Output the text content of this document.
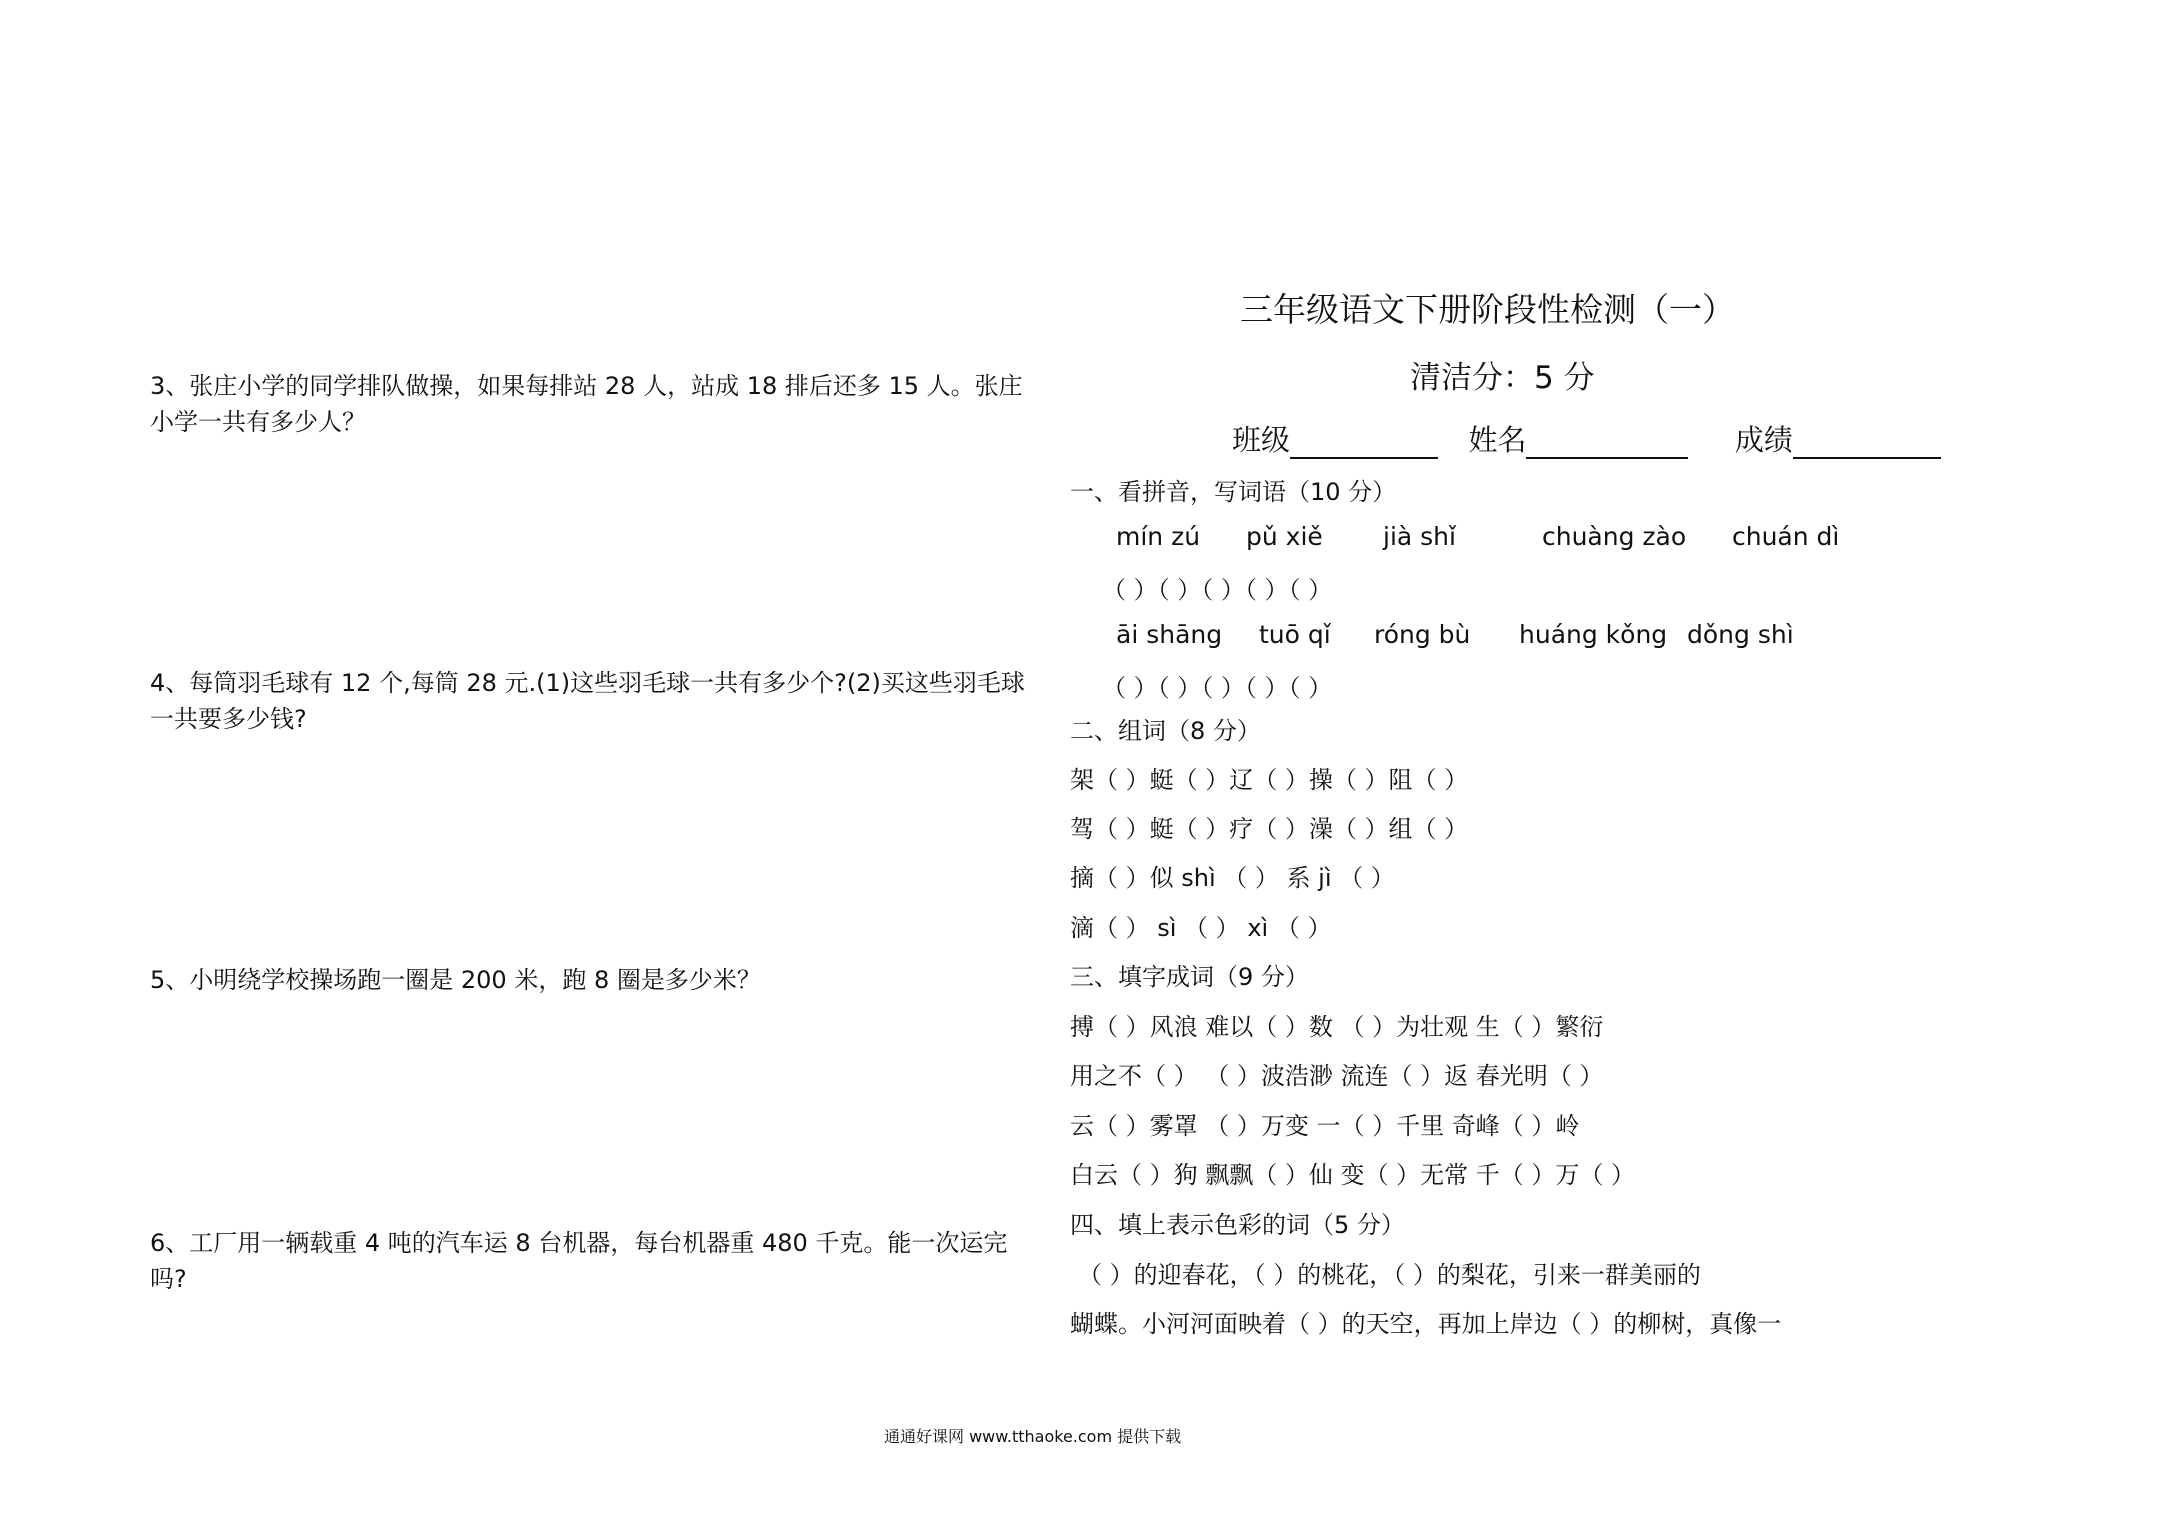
3、张庄小学的同学排队做操，如果每排站 28 人，站成 18 排后还多 15 人。张庄小学一共有多少人？
4、每筒羽毛球有 12 个,每筒 28 元.(1)这些羽毛球一共有多少个?(2)买这些羽毛球一共要多少钱?
5、小明绕学校操场跑一圈是 200 米，跑 8 圈是多少米？
6、工厂用一辆载重 4 吨的汽车运 8 台机器，每台机器重 480 千克。能一次运完吗?
三年级语文下册阶段性检测（一）
清洁分：5 分
班级	姓名	成绩
一、看拼音，写词语（10 分）
mín zú pǔ xiě jià shǐ	chuàng zào chuán dì
（ ）（ ）（ ）（ ）（ ）
āi shāng tuō qǐ róng bù huáng kǒng dǒng shì
（ ）（ ）（ ）（ ）（ ）
二、组词（8 分）
架（ ）蜓（ ）辽（ ）操（ ）阻（ ）
驾（ ）蜓（ ）疗（ ）澡（ ）组（ ）
摘（ ）似 shì （ ） 系 jì （ ）
滴（ ） sì （ ） xì （ ）
三、填字成词（9 分）
搏（ ）风浪 难以（ ）数 （ ）为壮观 生（ ）繁衍
用之不（ ） （ ）波浩渺 流连（ ）返 春光明（ ）
云（ ）雾罩 （ ）万变 一（ ）千里 奇峰（ ）岭
白云（ ）狗 飘飘（ ）仙 变（ ）无常 千（ ）万（ ）
四、填上表示色彩的词（5 分）
（ ）的迎春花，（ ）的桃花，（ ）的梨花，引来一群美丽的
蝴蝶。小河河面映着（ ）的天空，再加上岸边（ ）的柳树，真像一
通通好课网 www.tthaoke.com 提供下载
